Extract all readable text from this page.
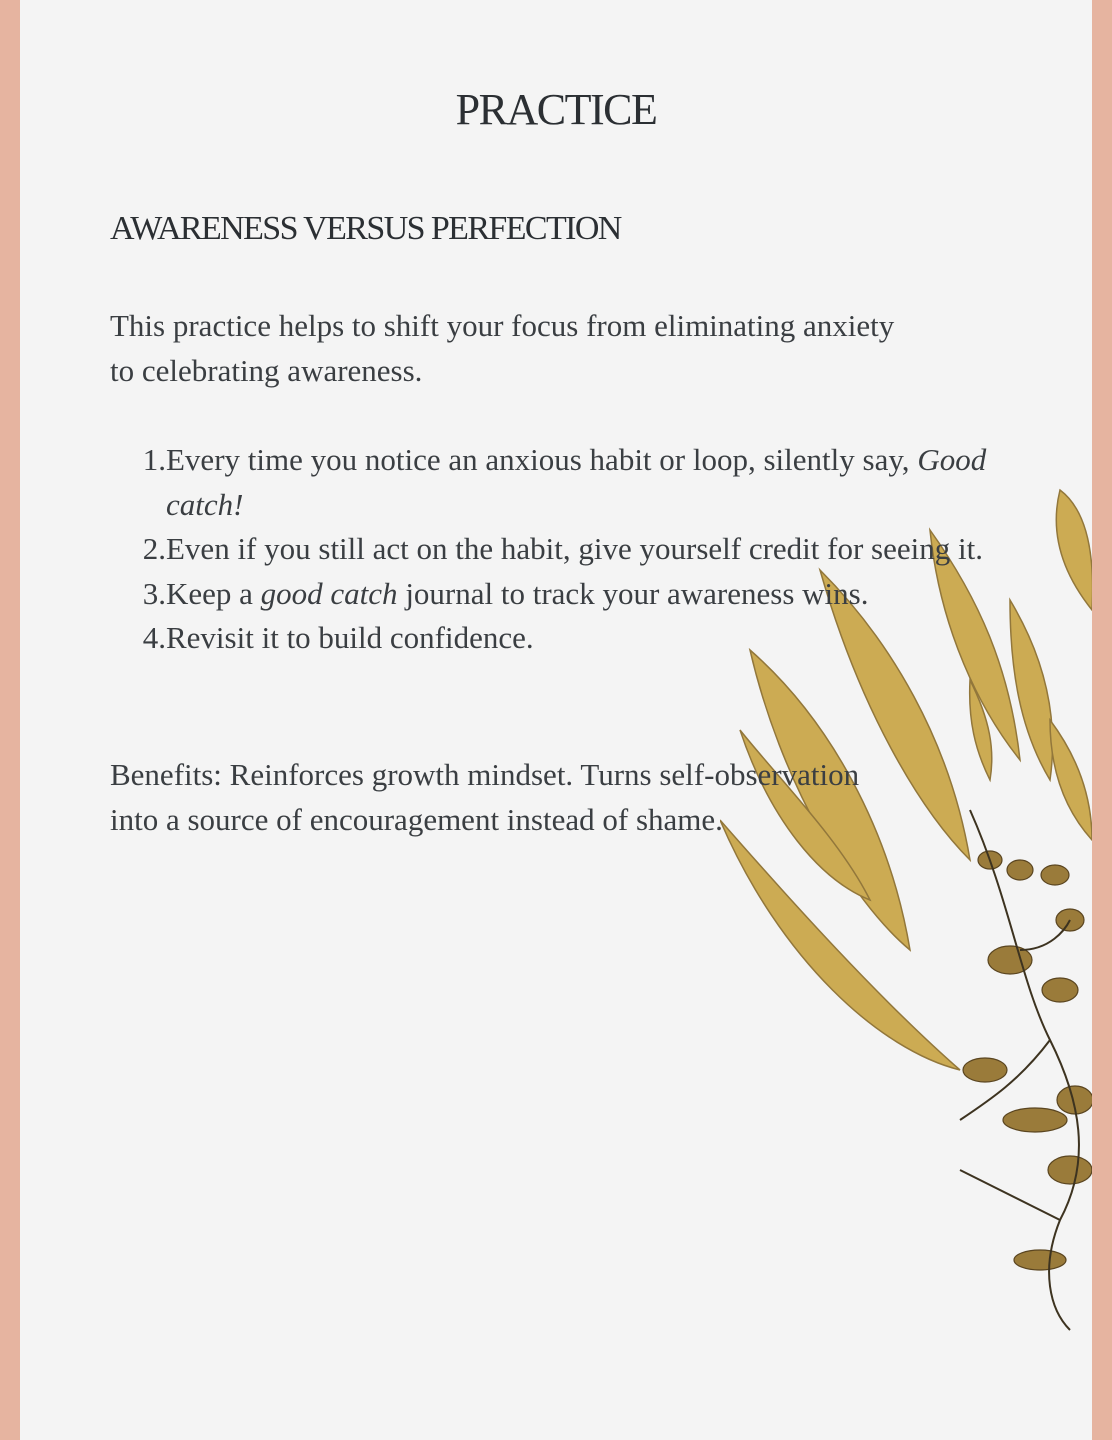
PRACTICE
AWARENESS VERSUS PERFECTION

This practice helps to shift your focus from eliminating anxiety to celebrating awareness.

1. Every time you notice an anxious habit or loop, silently say, Good catch!
2. Even if you still act on the habit, give yourself credit for seeing it.
3. Keep a good catch journal to track your awareness wins.
4. Revisit it to build confidence.

Benefits: Reinforces growth mindset. Turns self-observation into a source of encouragement instead of shame.
